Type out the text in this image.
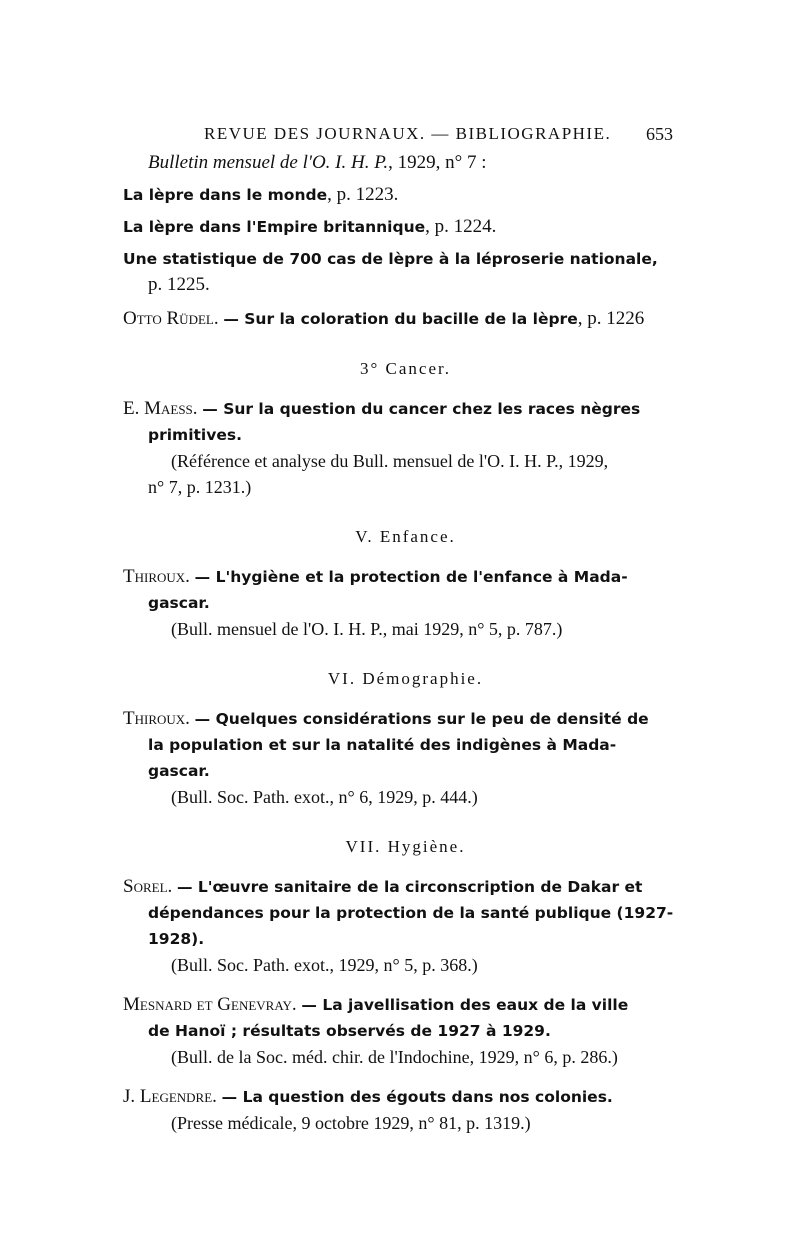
REVUE DES JOURNAUX. — BIBLIOGRAPHIE. 653
Bulletin mensuel de l'O. I. H. P., 1929, n° 7 :
La lèpre dans le monde, p. 1223.
La lèpre dans l'Empire britannique, p. 1224.
Une statistique de 700 cas de lèpre à la léproserie nationale,
p. 1225.
Otto Rüdel. — Sur la coloration du bacille de la lèpre, p. 1226
3° Cancer.
E. Maess. — Sur la question du cancer chez les races nègres
primitives.
(Référence et analyse du Bull. mensuel de l'O. I. H. P., 1929,
n° 7, p. 1231.)
V. Enfance.
Thiroux. — L'hygiène et la protection de l'enfance à Mada-
gascar.
(Bull. mensuel de l'O. I. H. P., mai 1929, n° 5, p. 787.)
VI. Démographie.
Thiroux. — Quelques considérations sur le peu de densité de
la population et sur la natalité des indigènes à Mada-
gascar.
(Bull. Soc. Path. exot., n° 6, 1929, p. 444.)
VII. Hygiène.
Sorel. — L'œuvre sanitaire de la circonscription de Dakar et
dépendances pour la protection de la santé publique (1927-
1928).
(Bull. Soc. Path. exot., 1929, n° 5, p. 368.)
Mesnard et Genevray. — La javellisation des eaux de la ville
de Hanoï ; résultats observés de 1927 à 1929.
(Bull. de la Soc. méd. chir. de l'Indochine, 1929, n° 6, p. 286.)
J. Legendre. — La question des égouts dans nos colonies.
(Presse médicale, 9 octobre 1929, n° 81, p. 1319.)
